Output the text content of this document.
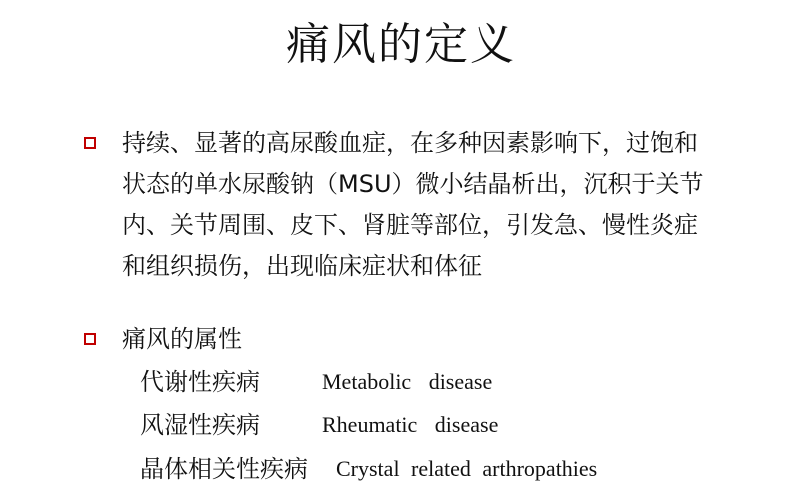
痛风的定义
持续、显著的高尿酸血症，在多种因素影响下，过饱和
状态的单水尿酸钠（MSU）微小结晶析出，沉积于关节
内、关节周围、皮下、肾脏等部位，引发急、慢性炎症
和组织损伤，出现临床症状和体征
痛风的属性
代谢性疾病	Metabolic disease
风湿性疾病	Rheumatic disease
晶体相关性疾病 Crystal related arthropathies
